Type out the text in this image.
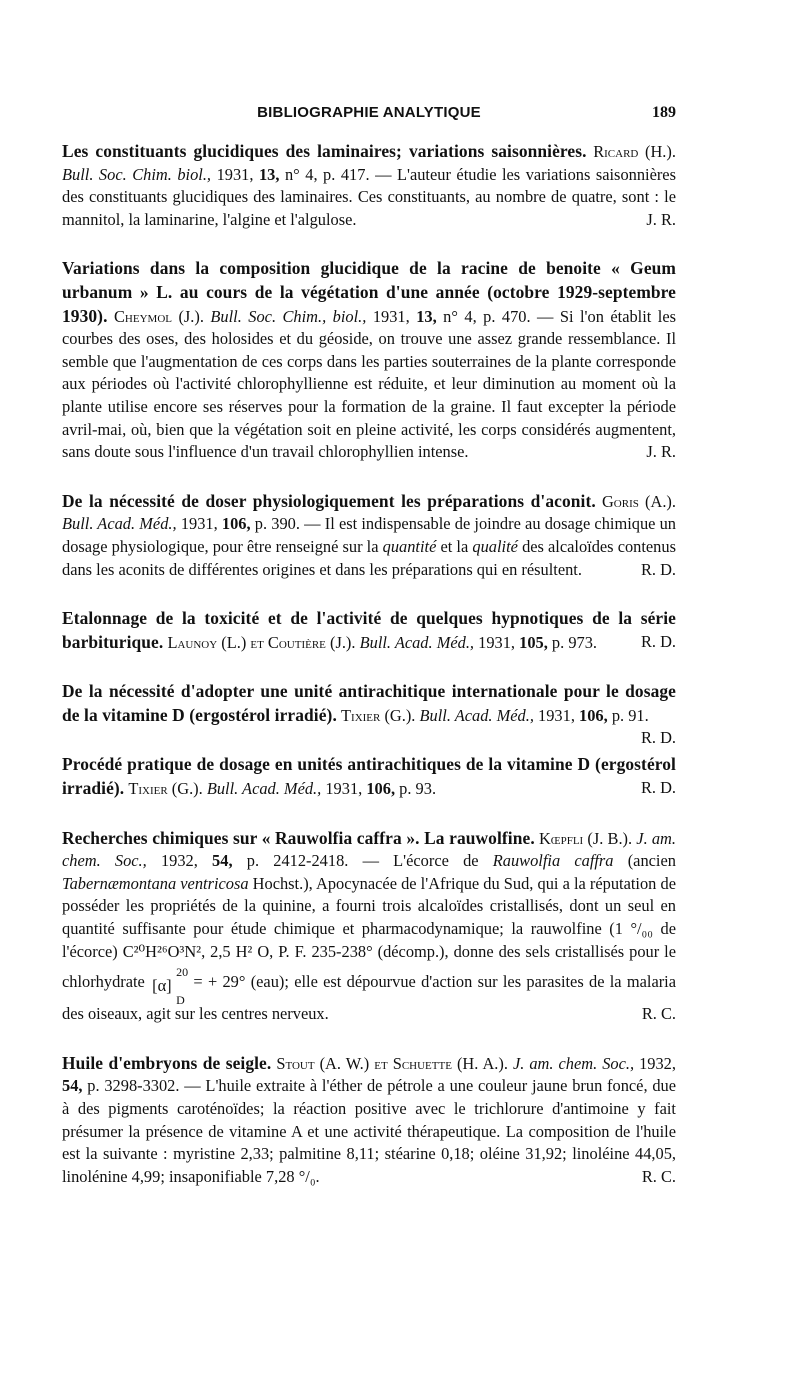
BIBLIOGRAPHIE ANALYTIQUE	189

Les constituants glucidiques des laminaires; variations saisonnières. Ricard (H.). Bull. Soc. Chim. biol., 1931, 13, n° 4, p. 417. — L'auteur étudie les variations saisonnières des constituants glucidiques des laminaires. Ces constituants, au nombre de quatre, sont : le mannitol, la laminarine, l'algine et l'algulose.	J. R.

Variations dans la composition glucidique de la racine de benoite « Geum urbanum » L. au cours de la végétation d'une année (octobre 1929-septembre 1930). Cheymol (J.). Bull. Soc. Chim., biol., 1931, 13, n° 4, p. 470. — Si l'on établit les courbes des oses, des holosides et du géoside, on trouve une assez grande ressemblance. Il semble que l'augmentation de ces corps dans les parties souterraines de la plante corresponde aux périodes où l'activité chlorophyllienne est réduite, et leur diminution au moment où la plante utilise encore ses réserves pour la formation de la graine. Il faut excepter la période avril-mai, où, bien que la végétation soit en pleine activité, les corps considérés augmentent, sans doute sous l'influence d'un travail chlorophyllien intense.	J. R.

De la nécessité de doser physiologiquement les préparations d'aconit. Goris (A.). Bull. Acad. Méd., 1931, 106, p. 390. — Il est indispensable de joindre au dosage chimique un dosage physiologique, pour être renseigné sur la quantité et la qualité des alcaloïdes contenus dans les aconits de différentes origines et dans les préparations qui en résultent.	R. D.

Etalonnage de la toxicité et de l'activité de quelques hypnotiques de la série barbiturique. Launoy (L.) et Coutière (J.). Bull. Acad. Méd., 1931, 105, p. 973.	R. D.

De la nécessité d'adopter une unité antirachitique internationale pour le dosage de la vitamine D (ergostérol irradié). Tixier (G.). Bull. Acad. Méd., 1931, 106, p. 91.
R. D.

Procédé pratique de dosage en unités antirachitiques de la vitamine D (ergostérol irradié). Tixier (G.). Bull. Acad. Méd., 1931, 106, p. 93.	R. D.

Recherches chimiques sur « Rauwolfia caffra ». La rauwolfine. Kœpfli (J. B.). J. am. chem. Soc., 1932, 54, p. 2412-2418. — L'écorce de Rauwolfia caffra (ancien Tabernæmontana ventricosa Hochst.), Apocynacée de l'Afrique du Sud, qui a la réputation de posséder les propriétés de la quinine, a fourni trois alcaloïdes cristallisés, dont un seul en quantité suffisante pour étude chimique et pharmacodynamique; la rauwolfine (1 °/₀₀ de l'écorce) C²⁰H²⁶O³N², 2,5 H² O, P. F. 235-238° (décomp.), donne des sels cristallisés pour le chlorhydrate [α]
20
D
= + 29° (eau); elle est dépourvue d'action sur les parasites de la malaria des oiseaux, agit sur les centres nerveux.	R. C.

Huile d'embryons de seigle. Stout (A. W.) et Schuette (H. A.). J. am. chem. Soc., 1932, 54, p. 3298-3302. — L'huile extraite à l'éther de pétrole a une couleur jaune brun foncé, due à des pigments caroténoïdes; la réaction positive avec le trichlorure d'antimoine y fait présumer la présence de vitamine A et une activité thérapeutique. La composition de l'huile est la suivante : myristine 2,33; palmitine 8,11; stéarine 0,18; oléine 31,92; linoléine 44,05, linolénine 4,99; insaponifiable 7,28 °/₀.	R. C.
